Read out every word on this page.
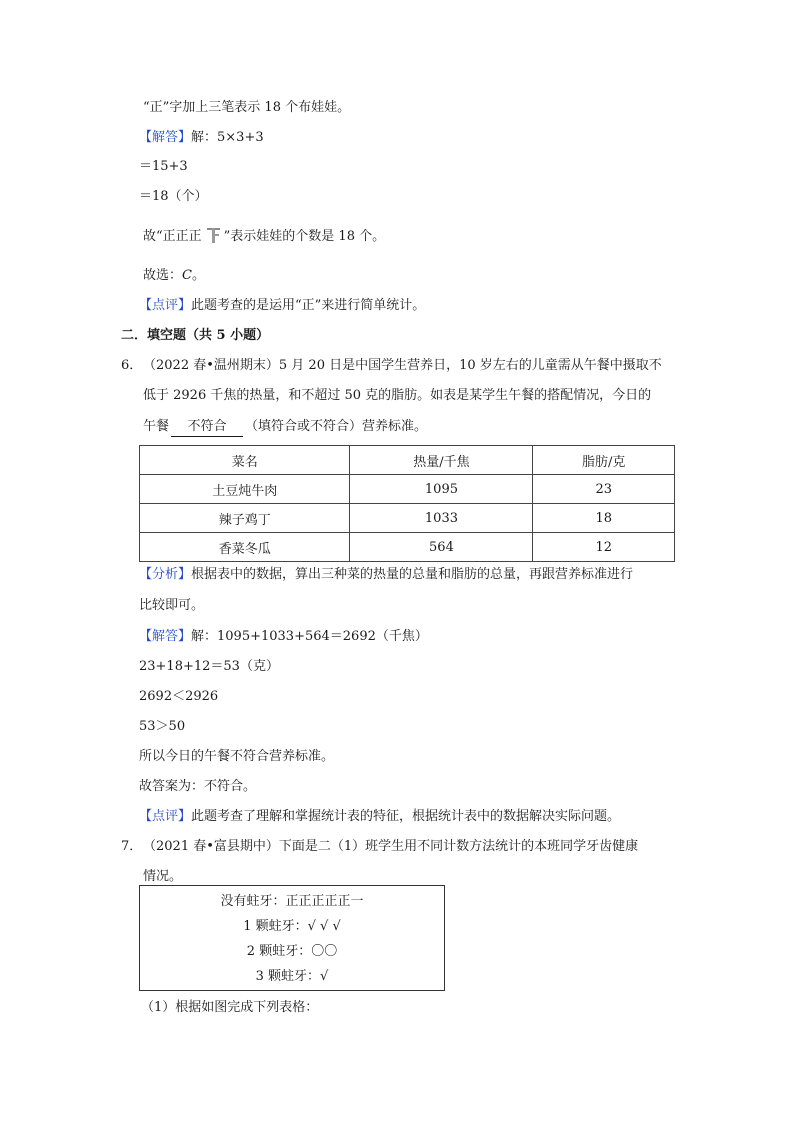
“正”字加上三笔表示 18 个布娃娃。
【解答】解：5×3+3
＝15+3
＝18（个）
故“正正正 ”表示娃娃的个数是 18 个。
故选：C。
【点评】此题考查的是运用“正”来进行简单统计。
二．填空题（共 5 小题）
6． （2022 春•温州期末）5 月 20 日是中国学生营养日，10 岁左右的儿童需从午餐中摄取不
低于 2926 千焦的热量，和不超过 50 克的脂肪。如表是某学生午餐的搭配情况，今日的
午餐 不符合 （填符合或不符合）营养标准。
菜名	热量/千焦	脂肪/克
土豆炖牛肉	1095	23
辣子鸡丁	1033	18
香菜冬瓜	564	12
【分析】根据表中的数据，算出三种菜的热量的总量和脂肪的总量，再跟营养标准进行
比较即可。
【解答】解：1095+1033+564＝2692（千焦）
23+18+12＝53（克）
2692＜2926
53＞50
所以今日的午餐不符合营养标准。
故答案为：不符合。
【点评】此题考查了理解和掌握统计表的特征，根据统计表中的数据解决实际问题。
7． （2021 春•富县期中）下面是二（1）班学生用不同计数方法统计的本班同学牙齿健康
情况。
没有蛀牙：正正正正正一
1 颗蛀牙：√ √ √
2 颗蛀牙：〇〇
3 颗蛀牙：√
（1）根据如图完成下列表格：
